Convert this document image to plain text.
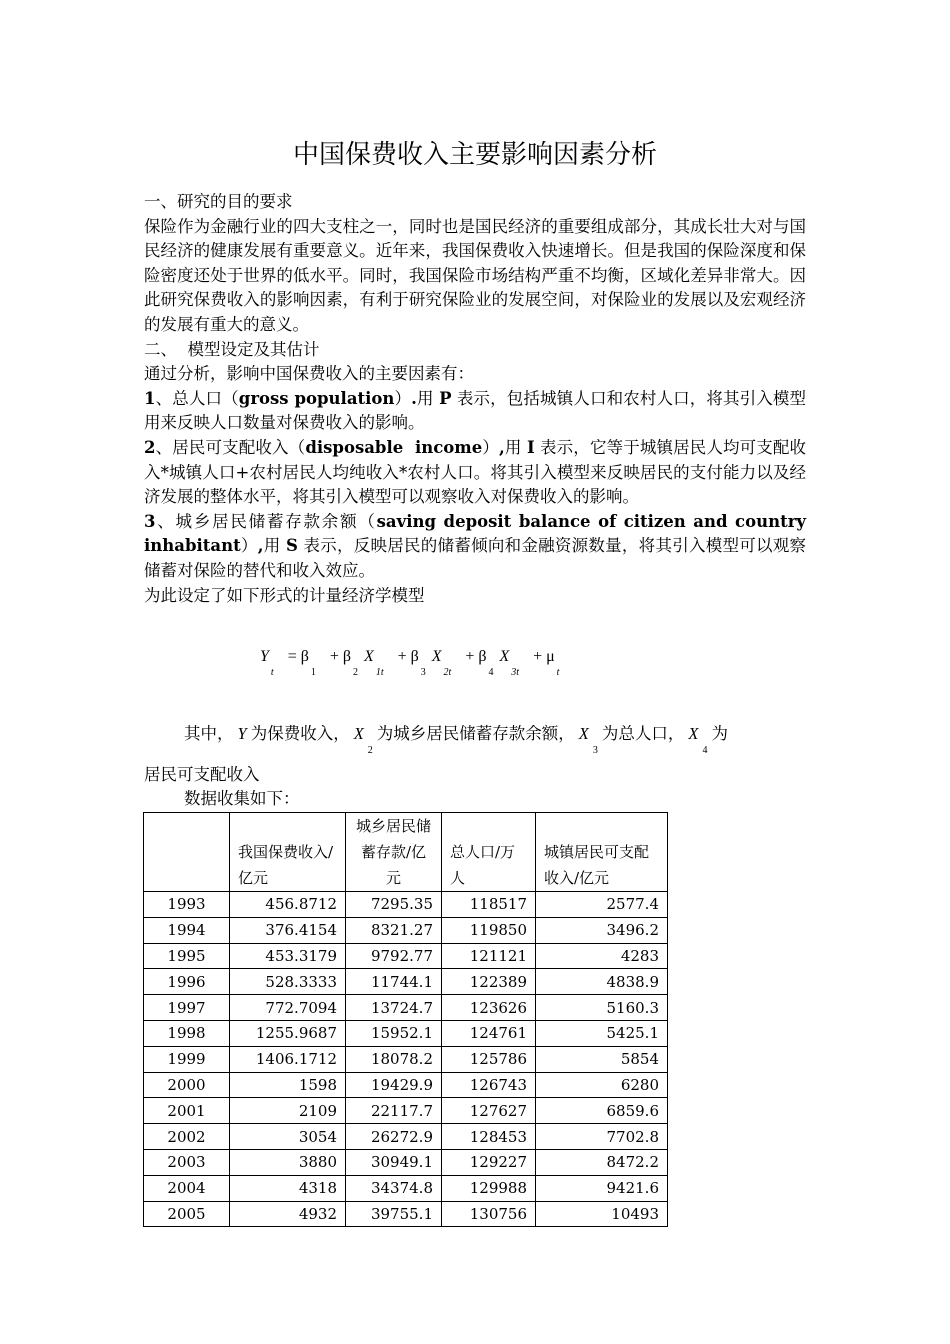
中国保费收入主要影响因素分析

一、研究的目的要求

保险作为金融行业的四大支柱之一，同时也是国民经济的重要组成部分，其成长壮大对与国民经济的健康发展有重要意义。近年来，我国保费收入快速增长。但是我国的保险深度和保险密度还处于世界的低水平。同时，我国保险市场结构严重不均衡，区域化差异非常大。因此研究保费收入的影响因素，有利于研究保险业的发展空间，对保险业的发展以及宏观经济的发展有重大的意义。

二、  模型设定及其估计

通过分析，影响中国保费收入的主要因素有：

1、总人口（gross population）.用 P 表示，包括城镇人口和农村人口，将其引入模型用来反映人口数量对保费收入的影响。

2、居民可支配收入（disposable  income）,用 I 表示，它等于城镇居民人均可支配收入*城镇人口+农村居民人均纯收入*农村人口。将其引入模型来反映居民的支付能力以及经济发展的整体水平，将其引入模型可以观察收入对保费收入的影响。

3、城乡居民储蓄存款余额（saving deposit balance of citizen and country inhabitant）,用 S 表示，反映居民的储蓄倾向和金融资源数量，将其引入模型可以观察储蓄对保险的替代和收入效应。

为此设定了如下形式的计量经济学模型

Yt= β1+ β2X1t+ β3X2t+ β4X3t+ μt
其中， Y 为保费收入， X2为城乡居民储蓄存款余额， X3为总人口， X4为
居民可支配收入
数据收集如下：
	我国保费收入/亿元	城乡居民储蓄存款/亿元	总人口/万人	城镇居民可支配收入/亿元
1993	456.8712	7295.35	118517	2577.4
1994	376.4154	8321.27	119850	3496.2
1995	453.3179	9792.77	121121	4283
1996	528.3333	11744.1	122389	4838.9
1997	772.7094	13724.7	123626	5160.3
1998	1255.9687	15952.1	124761	5425.1
1999	1406.1712	18078.2	125786	5854
2000	1598	19429.9	126743	6280
2001	2109	22117.7	127627	6859.6
2002	3054	26272.9	128453	7702.8
2003	3880	30949.1	129227	8472.2
2004	4318	34374.8	129988	9421.6
2005	4932	39755.1	130756	10493
